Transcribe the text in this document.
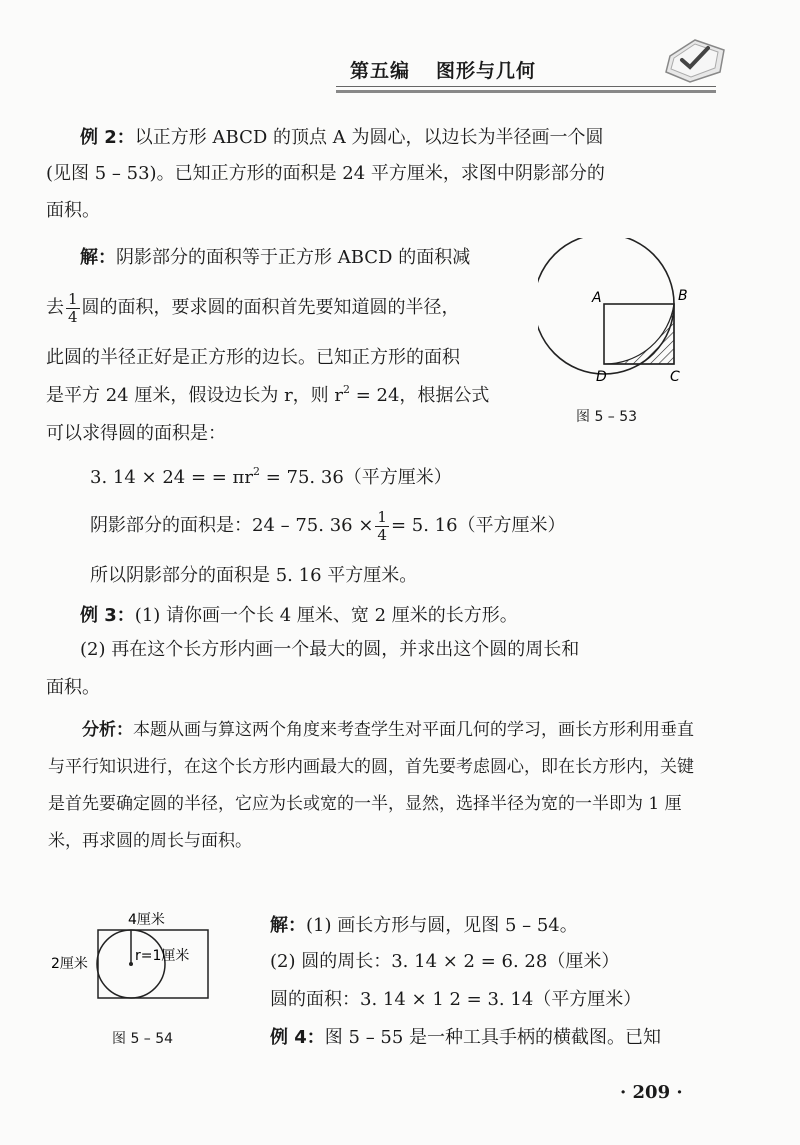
第五编 图形与几何

例 2：以正方形 ABCD 的顶点 A 为圆心，以边长为半径画一个圆

(见图 5 – 53)。已知正方形的面积是 24 平方厘米，求图中阴影部分的

面积。

解：阴影部分的面积等于正方形 ABCD 的面积减

去 $\frac{1}{4}$ 圆的面积，要求圆的面积首先要知道圆的半径，

此圆的半径正好是正方形的边长。已知正方形的面积

是平方 24 厘米，假设边长为 r，则 $r^2 = 24$，根据公式

可以求得圆的面积是：

3. 14 × 24 = = $\pi r^2 = 75$. 36（平方厘米）

阴影部分的面积是：24 – 75. $36 \times \frac{1}{4} = 5$. 16（平方厘米）

所以阴影部分的面积是 5. 16 平方厘米。

A	B
C
D
图 5 – 53

例 3：(1) 请你画一个长 4 厘米、宽 2 厘米的长方形。

(2) 再在这个长方形内画一个最大的圆，并求出这个圆的周长和

面积。

分析：本题从画与算这两个角度来考查学生对平面几何的学习，画长方形利用垂直与平行知识进行，在这个长方形内画最大的圆，首先要考虑圆心，即在长方形内，关键是首先要确定圆的半径，它应为长或宽的一半，显然，选择半径为宽的一半即为 1 厘米，再求圆的周长与面积。

4厘米
2厘米	r=1厘米
图 5 – 54

解：(1) 画长方形与圆，见图 5 – 54。

(2) 圆的周长：3. 14 × 2 = 6. 28（厘米）

圆的面积：3. 14 × 1 2 = 3. 14（平方厘米）

例 4：图 5 – 55 是一种工具手柄的横截图。已知

· 209 ·
